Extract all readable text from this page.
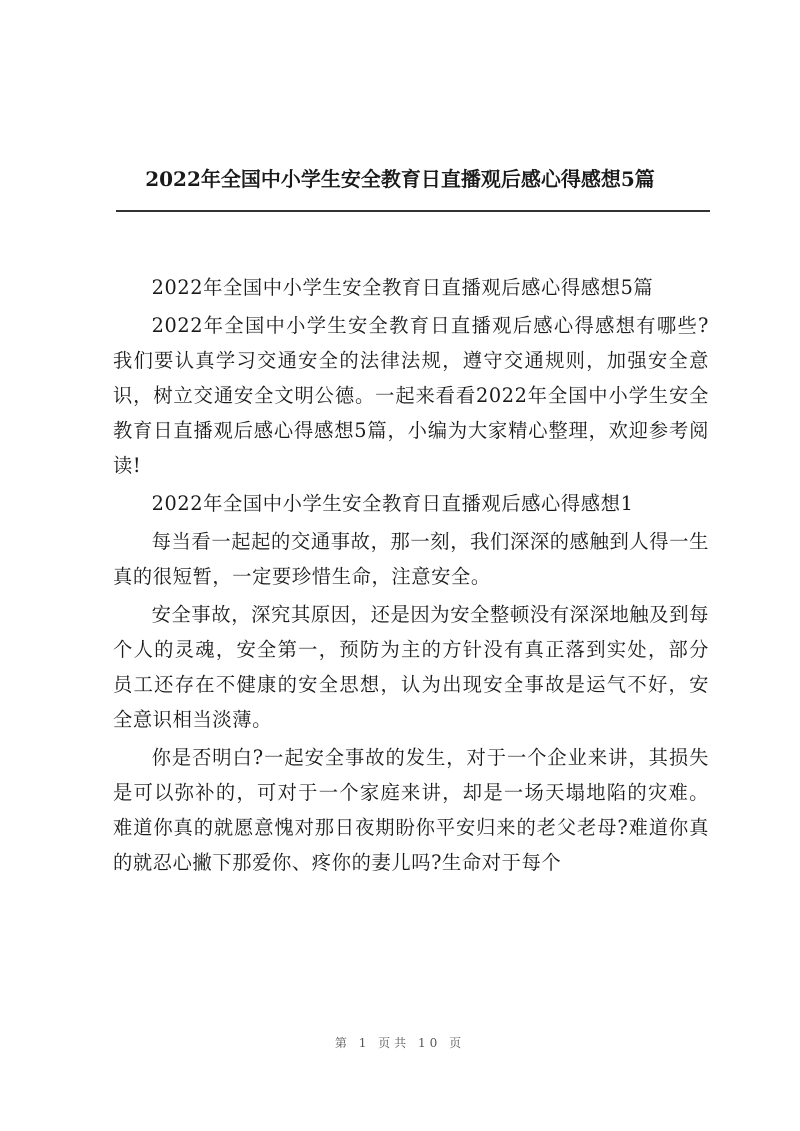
2022年全国中小学生安全教育日直播观后感心得感想5篇

2022年全国中小学生安全教育日直播观后感心得感想5篇

2022年全国中小学生安全教育日直播观后感心得感想有哪些?我们要认真学习交通安全的法律法规，遵守交通规则，加强安全意识，树立交通安全文明公德。一起来看看2022年全国中小学生安全教育日直播观后感心得感想5篇，小编为大家精心整理，欢迎参考阅读!

2022年全国中小学生安全教育日直播观后感心得感想1

每当看一起起的交通事故，那一刻，我们深深的感触到人得一生真的很短暂，一定要珍惜生命，注意安全。

安全事故，深究其原因，还是因为安全整顿没有深深地触及到每个人的灵魂，安全第一，预防为主的方针没有真正落到实处，部分员工还存在不健康的安全思想，认为出现安全事故是运气不好，安全意识相当淡薄。

你是否明白?一起安全事故的发生，对于一个企业来讲，其损失是可以弥补的，可对于一个家庭来讲，却是一场天塌地陷的灾难。难道你真的就愿意愧对那日夜期盼你平安归来的老父老母?难道你真的就忍心撇下那爱你、疼你的妻儿吗?生命对于每个

第 1 页共 10 页
